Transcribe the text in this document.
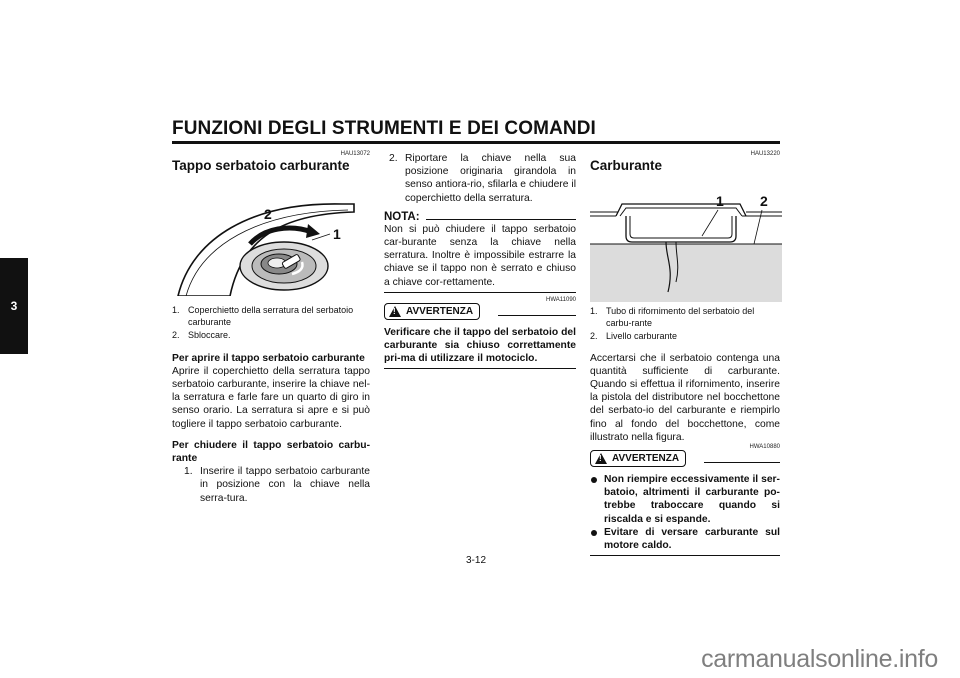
FUNZIONI DEGLI STRUMENTI E DEI COMANDI
3
HAU13072
Tappo serbatoio carburante
2
1
1. Coperchietto della serratura del serbatoio carburante
2. Sbloccare.
Per aprire il tappo serbatoio carburante

Aprire il coperchietto della serratura tappo serbatoio carburante, inserire la chiave nel-la serratura e farle fare un quarto di giro in senso orario. La serratura si apre e si può togliere il tappo serbatoio carburante.

Per chiudere il tappo serbatoio carbu-rante
1. Inserire il tappo serbatoio carburante in posizione con la chiave nella serra-tura.
2. Riportare la chiave nella sua posizione originaria girandola in senso antiora-rio, sfilarla e chiudere il coperchietto della serratura.
NOTA:

Non si può chiudere il tappo serbatoio car-burante senza la chiave nella serratura. Inoltre è impossibile estrarre la chiave se il tappo non è serrato e chiuso a chiave cor-rettamente.

HWA11090
!
AVVERTENZA

Verificare che il tappo del serbatoio del carburante sia chiuso correttamente pri-ma di utilizzare il motociclo.

HAU13220
Carburante
1	2
1. Tubo di rifornimento del serbatoio del carbu-rante
2. Livello carburante

Accertarsi che il serbatoio contenga una quantità sufficiente di carburante. Quando si effettua il rifornimento, inserire la pistola del distributore nel bocchettone del serbato-io del carburante e riempirlo fino al fondo del bocchettone, come illustrato nella figura.

HWA10880
!
AVVERTENZA

Non riempire eccessivamente il ser-batoio, altrimenti il carburante po-trebbe traboccare quando si riscalda e si espande.

Evitare di versare carburante sul motore caldo.

3-12
carmanualsonline.info
